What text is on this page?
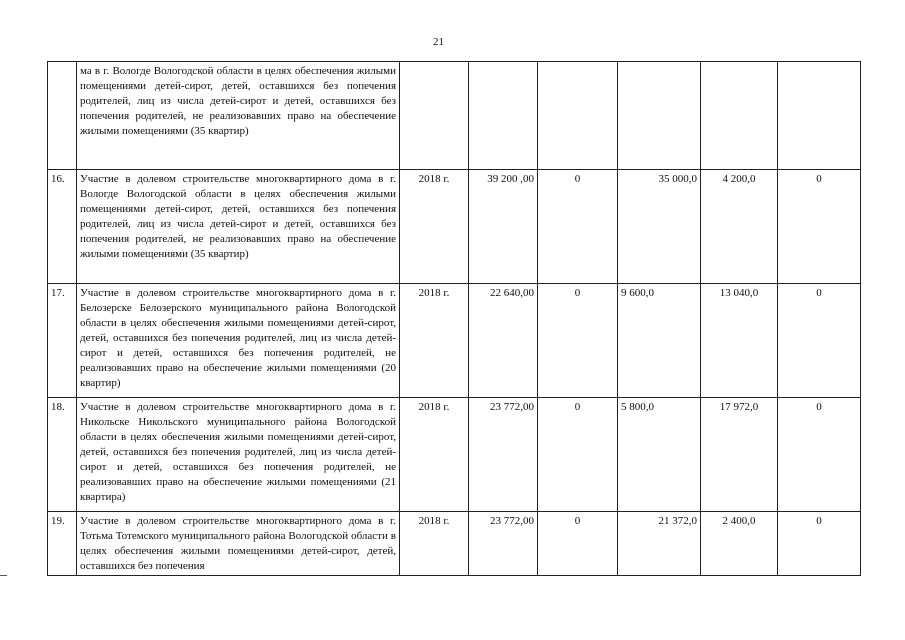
21
	ма в г. Вологде Вологодской области в целях обеспечения жилыми помещениями детей-сирот, детей, оставшихся без попечения родителей, лиц из числа детей-сирот и детей, оставшихся без попечения родителей, не реализовавших право на обеспечение жилыми помещениями (35 квартир)						
16.	Участие в долевом строительстве многоквартирного дома в г. Вологде Вологодской области в целях обеспечения жилыми помещениями детей-сирот, детей, оставшихся без попечения родителей, лиц из числа детей-сирот и детей, оставшихся без попечения родителей, не реализовавших право на обеспечение жилыми помещениями (35 квартир)	2018 г.	39 200 ,00	0	35 000,0	4 200,0	0
17.	Участие в долевом строительстве многоквартирного дома в г. Белозерске Белозерского муниципального района Вологодской области в целях обеспечения жилыми помещениями детей-сирот, детей, оставшихся без попечения родителей, лиц из числа детей-сирот и детей, оставшихся без попечения родителей, не реализовавших право на обеспечение жилыми помещениями (20 квартир)	2018 г.	22 640,00	0	9 600,0	13 040,0	0
18.	Участие в долевом строительстве многоквартирного дома в г. Никольске Никольского муниципального района Вологодской области в целях обеспечения жилыми помещениями детей-сирот, детей, оставшихся без попечения родителей, лиц из числа детей-сирот и детей, оставшихся без попечения родителей, не реализовавших право на обеспечение жилыми помещениями (21 квартира)	2018 г.	23 772,00	0	5 800,0	17 972,0	0
19.	Участие в долевом строительстве многоквартирного дома в г. Тотьма Тотемского муниципального района Вологодской области в целях обеспечения жилыми помещениями детей-сирот, детей, оставшихся без попечения	2018 г.	23 772,00	0	21 372,0	2 400,0	0
